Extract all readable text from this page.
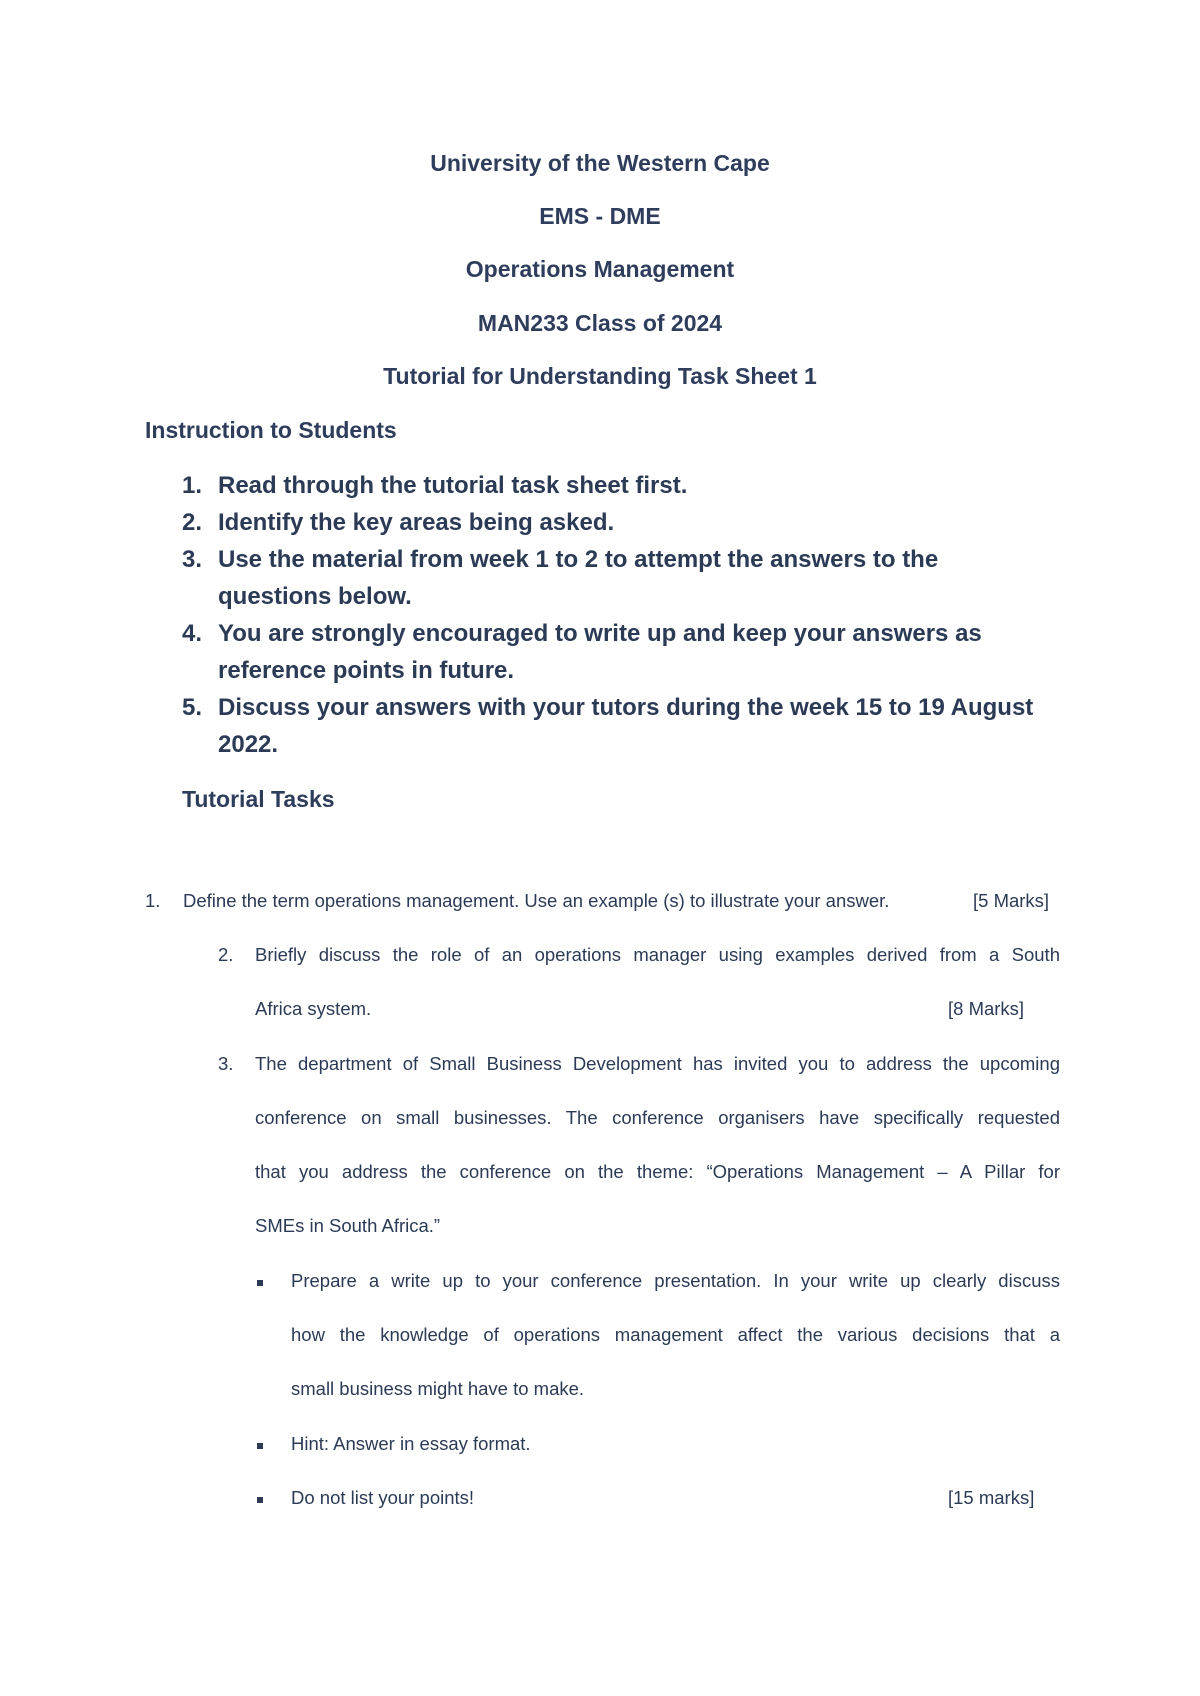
University of the Western Cape
EMS - DME
Operations Management
MAN233 Class of 2024
Tutorial for Understanding Task Sheet 1
Instruction to Students
1. Read through the tutorial task sheet first.
2. Identify the key areas being asked.
3. Use the material from week 1 to 2 to attempt the answers to the
questions below.
4. You are strongly encouraged to write up and keep your answers as
reference points in future.
5. Discuss your answers with your tutors during the week 15 to 19 August
2022.
Tutorial Tasks
1. Define the term operations management. Use an example (s) to illustrate your answer.	[5 Marks]
2. Briefly discuss the role of an operations manager using examples derived from a South
Africa system.	[8 Marks]
3. The department of Small Business Development has invited you to address the upcoming
conference on small businesses. The conference organisers have specifically requested
that you address the conference on the theme: “Operations Management – A Pillar for
SMEs in South Africa.”
Prepare a write up to your conference presentation. In your write up clearly discuss
how the knowledge of operations management affect the various decisions that a
small business might have to make.
Hint: Answer in essay format.
Do not list your points!	[15 marks]
